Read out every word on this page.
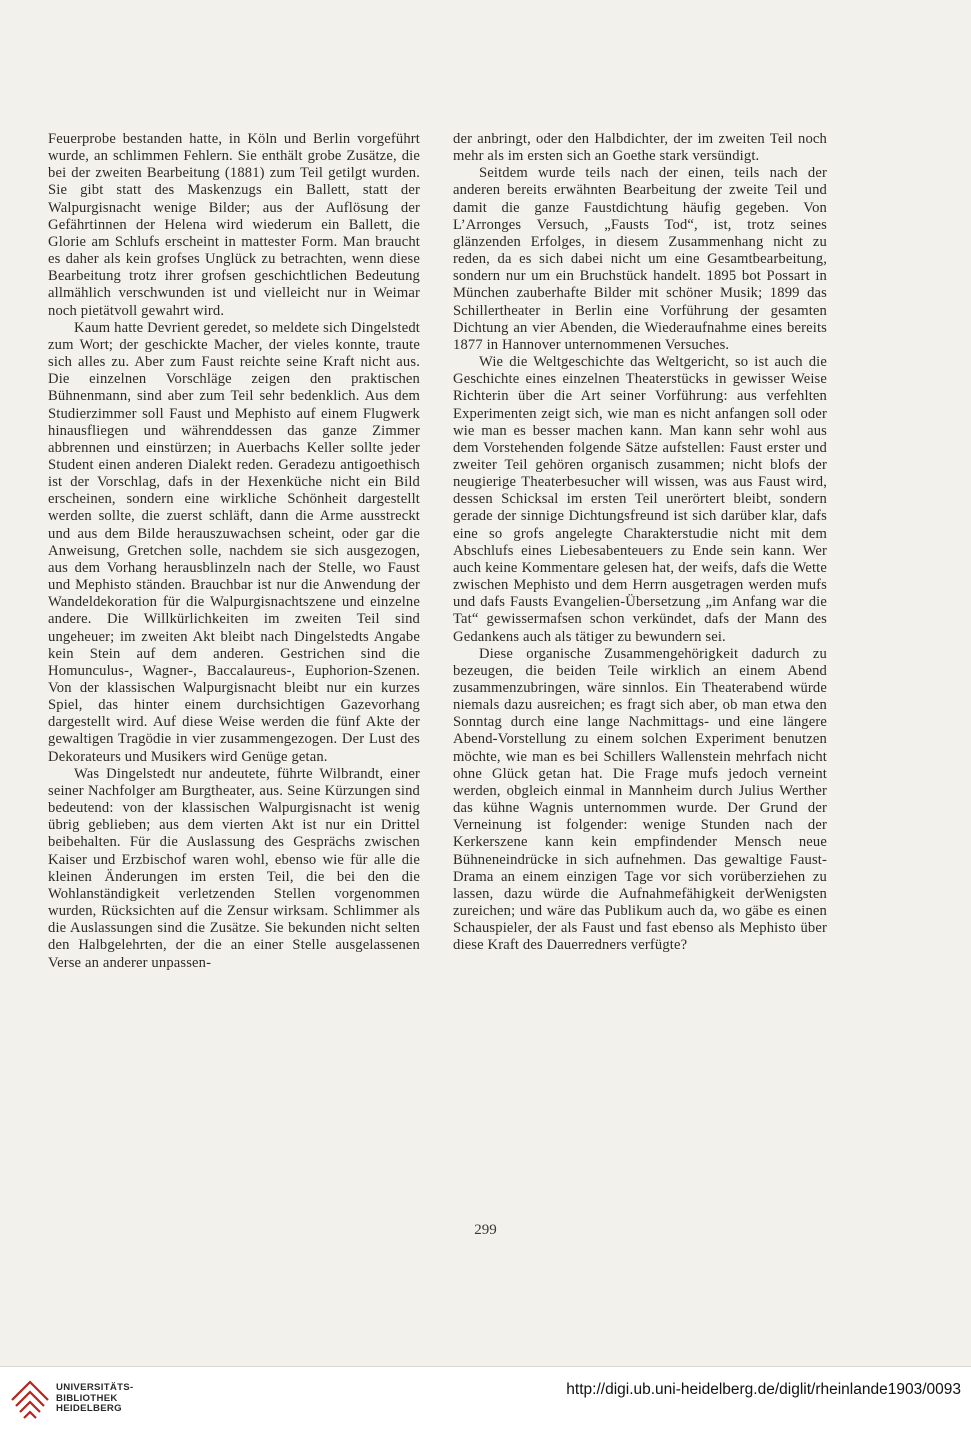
Feuerprobe bestanden hatte, in Köln und Berlin vorgeführt wurde, an schlimmen Fehlern. Sie enthält grobe Zusätze, die bei der zweiten Bearbeitung (1881) zum Teil getilgt wurden. Sie gibt statt des Maskenzugs ein Ballett, statt der Walpurgisnacht wenige Bilder; aus der Auflösung der Gefährtinnen der Helena wird wiederum ein Ballett, die Glorie am Schlufs erscheint in mattester Form. Man braucht es daher als kein grofses Unglück zu betrachten, wenn diese Bearbeitung trotz ihrer grofsen geschichtlichen Bedeutung allmählich verschwunden ist und vielleicht nur in Weimar noch pietätvoll gewahrt wird.

Kaum hatte Devrient geredet, so meldete sich Dingelstedt zum Wort; der geschickte Macher, der vieles konnte, traute sich alles zu. Aber zum Faust reichte seine Kraft nicht aus. Die einzelnen Vorschläge zeigen den praktischen Bühnenmann, sind aber zum Teil sehr bedenklich. Aus dem Studierzimmer soll Faust und Mephisto auf einem Flugwerk hinausfliegen und währenddessen das ganze Zimmer abbrennen und einstürzen; in Auerbachs Keller sollte jeder Student einen anderen Dialekt reden. Geradezu antigoethisch ist der Vorschlag, dafs in der Hexenküche nicht ein Bild erscheinen, sondern eine wirkliche Schönheit dargestellt werden sollte, die zuerst schläft, dann die Arme ausstreckt und aus dem Bilde herauszuwachsen scheint, oder gar die Anweisung, Gretchen solle, nachdem sie sich ausgezogen, aus dem Vorhang herausblinzeln nach der Stelle, wo Faust und Mephisto ständen. Brauchbar ist nur die Anwendung der Wandeldekoration für die Walpurgisnachtszene und einzelne andere. Die Willkürlichkeiten im zweiten Teil sind ungeheuer; im zweiten Akt bleibt nach Dingelstedts Angabe kein Stein auf dem anderen. Gestrichen sind die Homunculus-, Wagner-, Baccalaureus-, Euphorion-Szenen. Von der klassischen Walpurgisnacht bleibt nur ein kurzes Spiel, das hinter einem durchsichtigen Gazevorhang dargestellt wird. Auf diese Weise werden die fünf Akte der gewaltigen Tragödie in vier zusammengezogen. Der Lust des Dekorateurs und Musikers wird Genüge getan.

Was Dingelstedt nur andeutete, führte Wilbrandt, einer seiner Nachfolger am Burgtheater, aus. Seine Kürzungen sind bedeutend: von der klassischen Walpurgisnacht ist wenig übrig geblieben; aus dem vierten Akt ist nur ein Drittel beibehalten. Für die Auslassung des Gesprächs zwischen Kaiser und Erzbischof waren wohl, ebenso wie für alle die kleinen Änderungen im ersten Teil, die bei den die Wohlanständigkeit verletzenden Stellen vorgenommen wurden, Rücksichten auf die Zensur wirksam. Schlimmer als die Auslassungen sind die Zusätze. Sie bekunden nicht selten den Halbgelehrten, der die an einer Stelle ausgelassenen Verse an anderer unpassen-

der anbringt, oder den Halbdichter, der im zweiten Teil noch mehr als im ersten sich an Goethe stark versündigt.

Seitdem wurde teils nach der einen, teils nach der anderen bereits erwähnten Bearbeitung der zweite Teil und damit die ganze Faustdichtung häufig gegeben. Von L’Arronges Versuch, „Fausts Tod“, ist, trotz seines glänzenden Erfolges, in diesem Zusammenhang nicht zu reden, da es sich dabei nicht um eine Gesamtbearbeitung, sondern nur um ein Bruchstück handelt. 1895 bot Possart in München zauberhafte Bilder mit schöner Musik; 1899 das Schillertheater in Berlin eine Vorführung der gesamten Dichtung an vier Abenden, die Wiederaufnahme eines bereits 1877 in Hannover unternommenen Versuches.

Wie die Weltgeschichte das Weltgericht, so ist auch die Geschichte eines einzelnen Theaterstücks in gewisser Weise Richterin über die Art seiner Vorführung: aus verfehlten Experimenten zeigt sich, wie man es nicht anfangen soll oder wie man es besser machen kann. Man kann sehr wohl aus dem Vorstehenden folgende Sätze aufstellen: Faust erster und zweiter Teil gehören organisch zusammen; nicht blofs der neugierige Theaterbesucher will wissen, was aus Faust wird, dessen Schicksal im ersten Teil unerörtert bleibt, sondern gerade der sinnige Dichtungsfreund ist sich darüber klar, dafs eine so grofs angelegte Charakterstudie nicht mit dem Abschlufs eines Liebesabenteuers zu Ende sein kann. Wer auch keine Kommentare gelesen hat, der weifs, dafs die Wette zwischen Mephisto und dem Herrn ausgetragen werden mufs und dafs Fausts Evangelien-Übersetzung „im Anfang war die Tat“ gewissermafsen schon verkündet, dafs der Mann des Gedankens auch als tätiger zu bewundern sei.

Diese organische Zusammengehörigkeit dadurch zu bezeugen, die beiden Teile wirklich an einem Abend zusammenzubringen, wäre sinnlos. Ein Theaterabend würde niemals dazu ausreichen; es fragt sich aber, ob man etwa den Sonntag durch eine lange Nachmittags- und eine längere Abend-Vorstellung zu einem solchen Experiment benutzen möchte, wie man es bei Schillers Wallenstein mehrfach nicht ohne Glück getan hat. Die Frage mufs jedoch verneint werden, obgleich einmal in Mannheim durch Julius Werther das kühne Wagnis unternommen wurde. Der Grund der Verneinung ist folgender: wenige Stunden nach der Kerkerszene kann kein empfindender Mensch neue Bühneneindrücke in sich aufnehmen. Das gewaltige Faust-Drama an einem einzigen Tage vor sich vorüberziehen zu lassen, dazu würde die Aufnahmefähigkeit derWenigsten zureichen; und wäre das Publikum auch da, wo gäbe es einen Schauspieler, der als Faust und fast ebenso als Mephisto über diese Kraft des Dauerredners verfügte?

299
UNIVERSITÄTS-
BIBLIOTHEK
HEIDELBERG
http://digi.ub.uni-heidelberg.de/diglit/rheinlande1903/0093
